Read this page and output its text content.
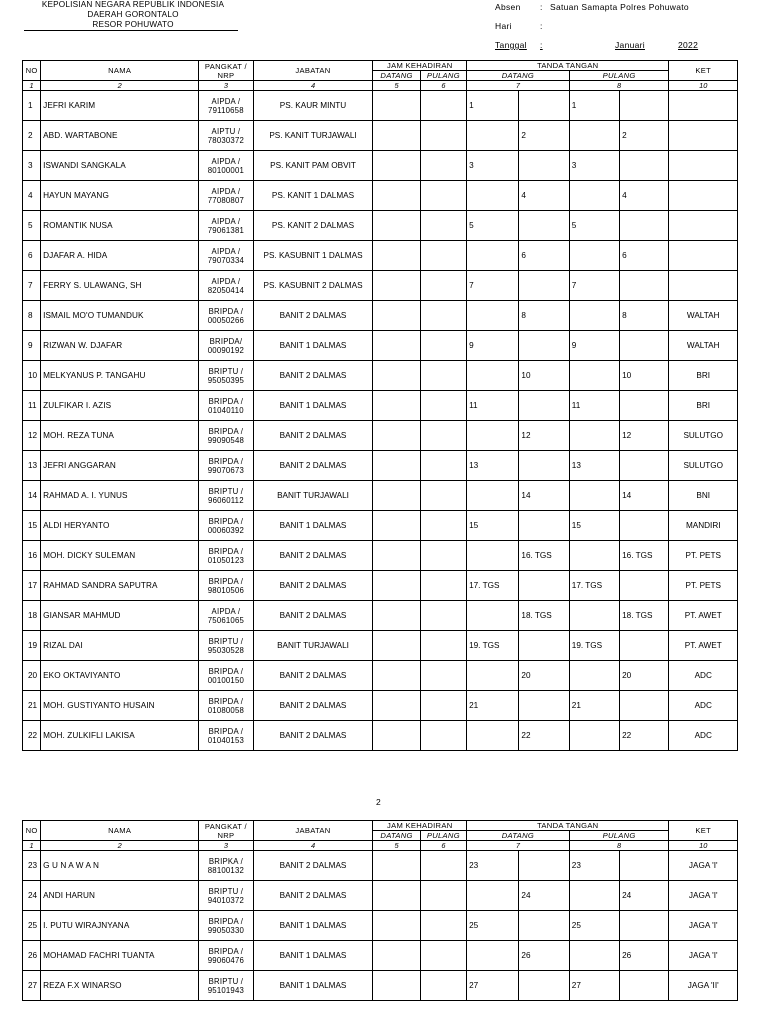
KEPOLISIAN NEGARA REPUBLIK INDONESIA
DAERAH GORONTALO
RESOR POHUWATO
Absen : Satuan Samapta Polres Pohuwato
Hari	:
Tanggal :	Januari	2022
NO	NAMA	PANGKAT /
NRP	JABATAN	JAM KEHADIRAN		TANDA TANGAN				KET
				DATANG	PULANG	DATANG		PULANG		
1	2	3	4	5	6	7		8		10
1	JEFRI KARIM	AIPDA /
79110658	PS. KAUR MINTU			1		1		
2	ABD. WARTABONE	AIPTU /
78030372	PS. KANIT TURJAWALI				2		2	
3	ISWANDI SANGKALA	AIPDA /
80100001	PS. KANIT PAM OBVIT			3		3		
4	HAYUN MAYANG	AIPDA /
77080807	PS. KANIT 1 DALMAS				4		4	
5	ROMANTIK NUSA	AIPDA /
79061381	PS. KANIT 2 DALMAS			5		5		
6	DJAFAR A. HIDA	AIPDA /
79070334	PS. KASUBNIT 1 DALMAS				6		6	
7	FERRY S. ULAWANG, SH	AIPDA /
82050414	PS. KASUBNIT 2 DALMAS			7		7		
8	ISMAIL MO'O TUMANDUK	BRIPDA /
00050266	BANIT 2 DALMAS				8		8	WALTAH
9	RIZWAN W. DJAFAR	BRIPDA/
00090192	BANIT 1 DALMAS			9		9		WALTAH
10	MELKYANUS P. TANGAHU	BRIPTU /
95050395	BANIT 2 DALMAS				10		10	BRI
11	ZULFIKAR I. AZIS	BRIPDA /
01040110	BANIT 1 DALMAS			11		11		BRI
12	MOH. REZA TUNA	BRIPDA /
99090548	BANIT 2 DALMAS				12		12	SULUTGO
13	JEFRI ANGGARAN	BRIPDA /
99070673	BANIT 2 DALMAS			13		13		SULUTGO
14	RAHMAD A. I. YUNUS	BRIPTU /
96060112	BANIT TURJAWALI				14		14	BNI
15	ALDI HERYANTO	BRIPDA /
00060392	BANIT 1 DALMAS			15		15		MANDIRI
16	MOH. DICKY SULEMAN	BRIPDA /
01050123	BANIT 2 DALMAS				16. TGS		16. TGS	PT. PETS
17	RAHMAD SANDRA SAPUTRA	BRIPDA /
98010506	BANIT 2 DALMAS			17. TGS		17. TGS		PT. PETS
18	GIANSAR MAHMUD	AIPDA /
75061065	BANIT 2 DALMAS				18. TGS		18. TGS	PT. AWET
19	RIZAL DAI	BRIPTU /
95030528	BANIT TURJAWALI			19. TGS		19. TGS		PT. AWET
20	EKO OKTAVIYANTO	BRIPDA /
00100150	BANIT 2 DALMAS				20		20	ADC
21	MOH. GUSTIYANTO HUSAIN	BRIPDA /
01080058	BANIT 2 DALMAS			21		21		ADC
22	MOH. ZULKIFLI LAKISA	BRIPDA /
01040153	BANIT 2 DALMAS				22		22	ADC
2
NO	NAMA	PANGKAT /
NRP	JABATAN	JAM KEHADIRAN		TANDA TANGAN				KET
				DATANG	PULANG	DATANG		PULANG		
1	2	3	4	5	6	7		8		10
23	G U N A W A N	BRIPKA /
88100132	BANIT 2 DALMAS			23		23		JAGA 'I'
24	ANDI HARUN	BRIPTU /
94010372	BANIT 2 DALMAS				24		24	JAGA 'I'
25	I. PUTU WIRAJNYANA	BRIPDA /
99050330	BANIT 1 DALMAS			25		25		JAGA 'I'
26	MOHAMAD FACHRI TUANTA	BRIPDA /
99060476	BANIT 1 DALMAS				26		26	JAGA 'I'
27	REZA F.X WINARSO	BRIPTU /
95101943	BANIT 1 DALMAS			27		27		JAGA 'II'
